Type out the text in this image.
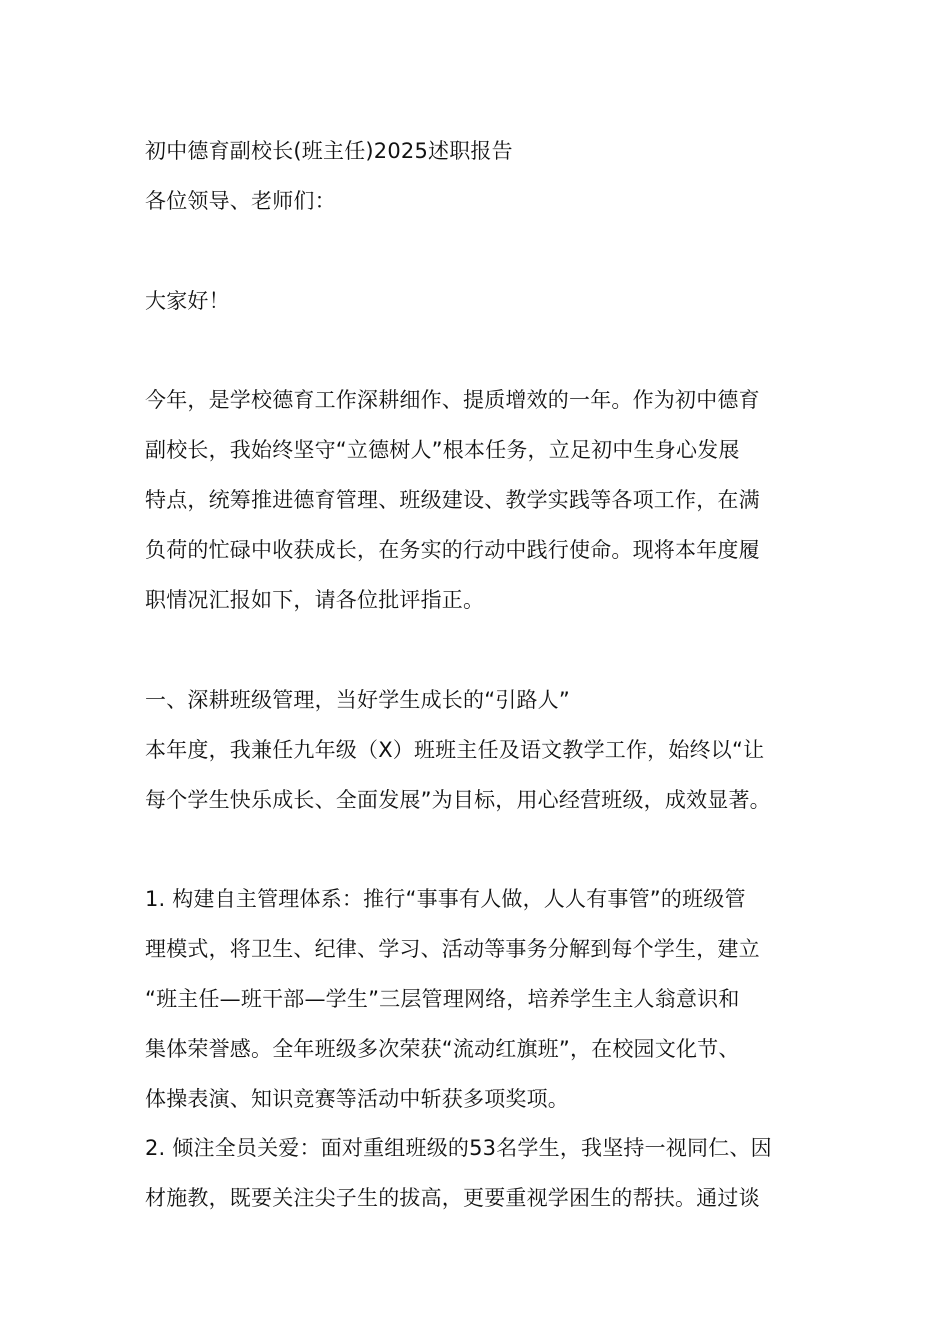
初中德育副校长(班主任)2025述职报告
各位领导、老师们：
大家好！
今年，是学校德育工作深耕细作、提质增效的一年。作为初中德育
副校长，我始终坚守“立德树人”根本任务，立足初中生身心发展
特点，统筹推进德育管理、班级建设、教学实践等各项工作，在满
负荷的忙碌中收获成长，在务实的行动中践行使命。现将本年度履
职情况汇报如下，请各位批评指正。
一、深耕班级管理，当好学生成长的“引路人”
本年度，我兼任九年级（X）班班主任及语文教学工作，始终以“让
每个学生快乐成长、全面发展”为目标，用心经营班级，成效显著。
1. 构建自主管理体系：推行“事事有人做，人人有事管”的班级管
理模式，将卫生、纪律、学习、活动等事务分解到每个学生，建立
“班主任—班干部—学生”三层管理网络，培养学生主人翁意识和
集体荣誉感。全年班级多次荣获“流动红旗班”，在校园文化节、
体操表演、知识竞赛等活动中斩获多项奖项。
2. 倾注全员关爱：面对重组班级的53名学生，我坚持一视同仁、因
材施教，既要关注尖子生的拔高，更要重视学困生的帮扶。通过谈
